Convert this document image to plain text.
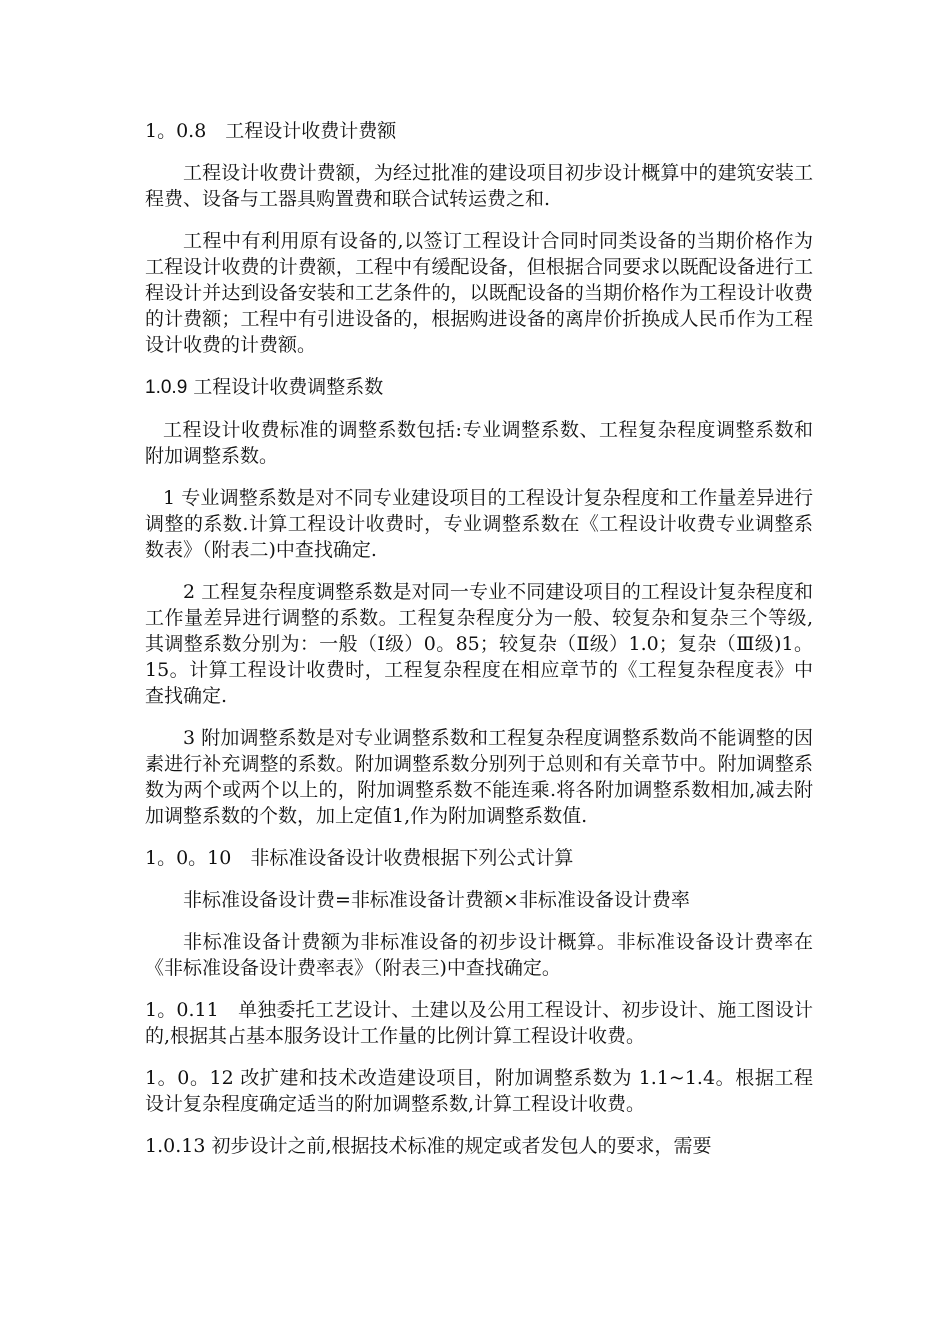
1。0.8　工程设计收费计费额

工程设计收费计费额，为经过批准的建设项目初步设计概算中的建筑安装工程费、设备与工器具购置费和联合试转运费之和.

工程中有利用原有设备的,以签订工程设计合同时同类设备的当期价格作为工程设计收费的计费额，工程中有缓配设备，但根据合同要求以既配设备进行工程设计并达到设备安装和工艺条件的，以既配设备的当期价格作为工程设计收费的计费额；工程中有引进设备的，根据购进设备的离岸价折换成人民币作为工程设计收费的计费额。

1.0.9 工程设计收费调整系数

工程设计收费标准的调整系数包括:专业调整系数、工程复杂程度调整系数和附加调整系数。

1 专业调整系数是对不同专业建设项目的工程设计复杂程度和工作量差异进行调整的系数.计算工程设计收费时，专业调整系数在《工程设计收费专业调整系数表》（附表二)中查找确定.

2 工程复杂程度调整系数是对同一专业不同建设项目的工程设计复杂程度和工作量差异进行调整的系数。工程复杂程度分为一般、较复杂和复杂三个等级,其调整系数分别为：一般（Ⅰ级）0。85；较复杂（Ⅱ级）1.0；复杂（Ⅲ级)1。15。计算工程设计收费时，工程复杂程度在相应章节的《工程复杂程度表》中查找确定.

3 附加调整系数是对专业调整系数和工程复杂程度调整系数尚不能调整的因素进行补充调整的系数。附加调整系数分别列于总则和有关章节中。附加调整系数为两个或两个以上的，附加调整系数不能连乘.将各附加调整系数相加,减去附加调整系数的个数，加上定值1,作为附加调整系数值.

1。0。10　非标准设备设计收费根据下列公式计算

非标准设备设计费=非标准设备计费额×非标准设备设计费率

非标准设备计费额为非标准设备的初步设计概算。非标准设备设计费率在《非标准设备设计费率表》（附表三)中查找确定。

1。0.11　单独委托工艺设计、土建以及公用工程设计、初步设计、施工图设计的,根据其占基本服务设计工作量的比例计算工程设计收费。

1。0。12 改扩建和技术改造建设项目，附加调整系数为 1.1~1.4。根据工程设计复杂程度确定适当的附加调整系数,计算工程设计收费。

1.0.13 初步设计之前,根据技术标准的规定或者发包人的要求，需要
